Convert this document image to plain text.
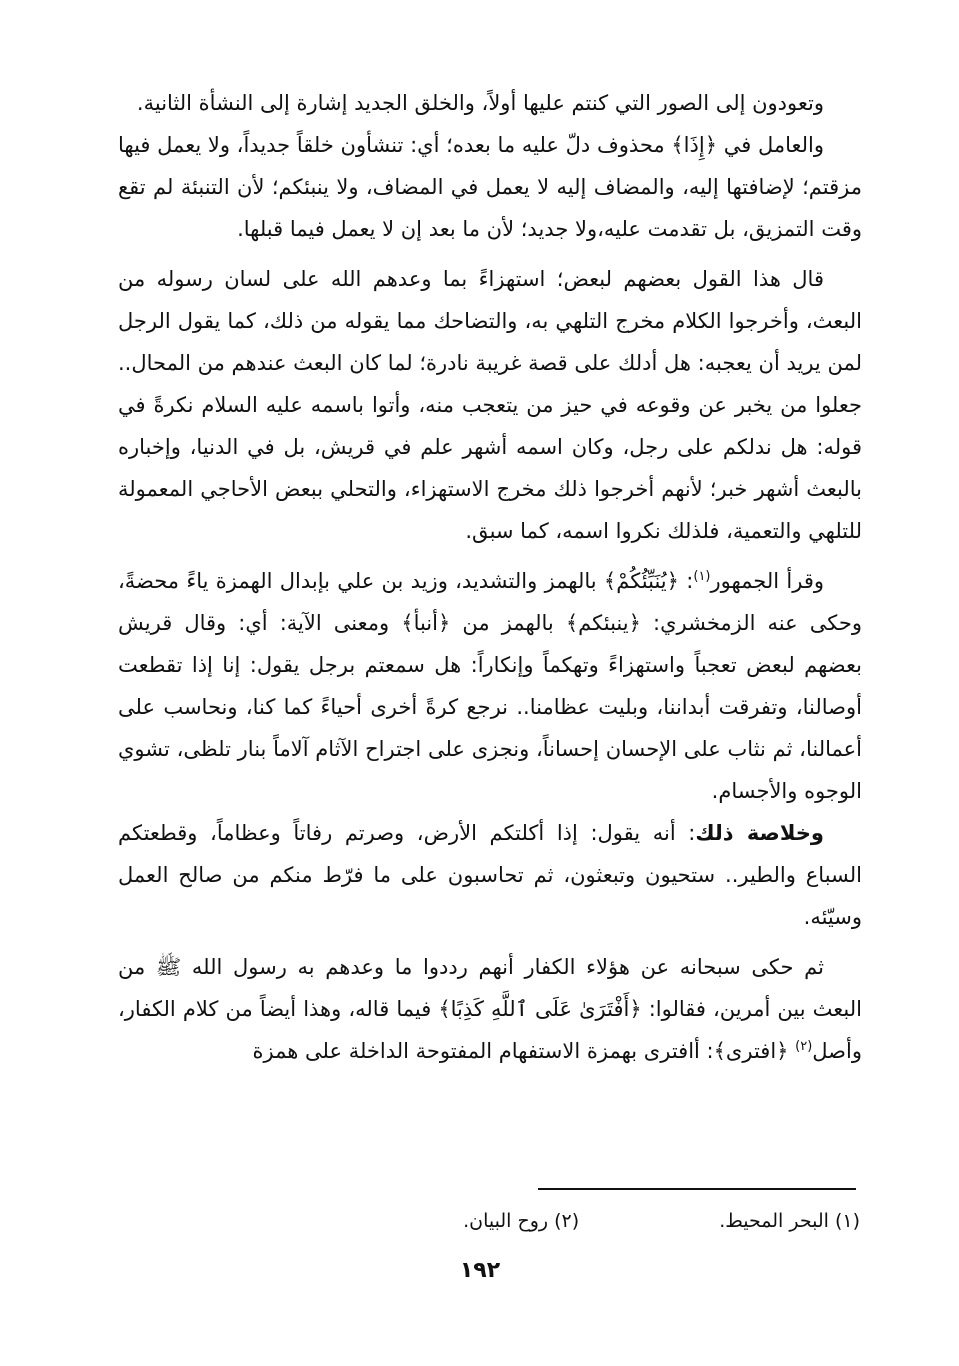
وتعودون إلى الصور التي كنتم عليها أولاً، والخلق الجديد إشارة إلى النشأة الثانية.

والعامل في ﴿إِذَا﴾ محذوف دلّ عليه ما بعده؛ أي: تنشأون خلقاً جديداً، ولا يعمل فيها مزقتم؛ لإضافتها إليه، والمضاف إليه لا يعمل في المضاف، ولا ينبئكم؛ لأن التنبئة لم تقع وقت التمزيق، بل تقدمت عليه،ولا جديد؛ لأن ما بعد إن لا يعمل فيما قبلها.

قال هذا القول بعضهم لبعض؛ استهزاءً بما وعدهم الله على لسان رسوله من البعث، وأخرجوا الكلام مخرج التلهي به، والتضاحك مما يقوله من ذلك، كما يقول الرجل لمن يريد أن يعجبه: هل أدلك على قصة غريبة نادرة؛ لما كان البعث عندهم من المحال.. جعلوا من يخبر عن وقوعه في حيز من يتعجب منه، وأتوا باسمه عليه السلام نكرةً في قوله: هل ندلكم على رجل، وكان اسمه أشهر علم في قريش، بل في الدنيا، وإخباره بالبعث أشهر خبر؛ لأنهم أخرجوا ذلك مخرج الاستهزاء، والتحلي ببعض الأحاجي المعمولة للتلهي والتعمية، فلذلك نكروا اسمه، كما سبق.

وقرأ الجمهور$^{(١)}$: ﴿يُنَبِّئُكُمْ﴾ بالهمز والتشديد، وزيد بن علي بإبدال الهمزة ياءً محضةً، وحكى عنه الزمخشري: ﴿ينبئكم﴾ بالهمز من ﴿أنبأ﴾ ومعنى الآية: أي: وقال قريش بعضهم لبعض تعجباً واستهزاءً وتهكماً وإنكاراً: هل سمعتم برجل يقول: إنا إذا تقطعت أوصالنا، وتفرقت أبداننا، وبليت عظامنا.. نرجع كرةً أخرى أحياءً كما كنا، ونحاسب على أعمالنا، ثم نثاب على الإحسان إحساناً، ونجزى على اجتراح الآثام آلاماً بنار تلظى، تشوي الوجوه والأجسام.

وخلاصة ذلك: أنه يقول: إذا أكلتكم الأرض، وصرتم رفاتاً وعظاماً، وقطعتكم السباع والطير.. ستحيون وتبعثون، ثم تحاسبون على ما فرّط منكم من صالح العمل وسيّئه.

ثم حكى سبحانه عن هؤلاء الكفار أنهم رددوا ما وعدهم به رسول الله ﷺ من البعث بين أمرين، فقالوا: ﴿أَفْتَرَىٰ عَلَى ٱللَّهِ كَذِبًا﴾ فيما قاله، وهذا أيضاً من كلام الكفار، وأصل$^{(٢)}$ ﴿افترى﴾: أافترى بهمزة الاستفهام المفتوحة الداخلة على همزة

(١) البحر المحيط.
(٢) روح البيان.
١٩٢
